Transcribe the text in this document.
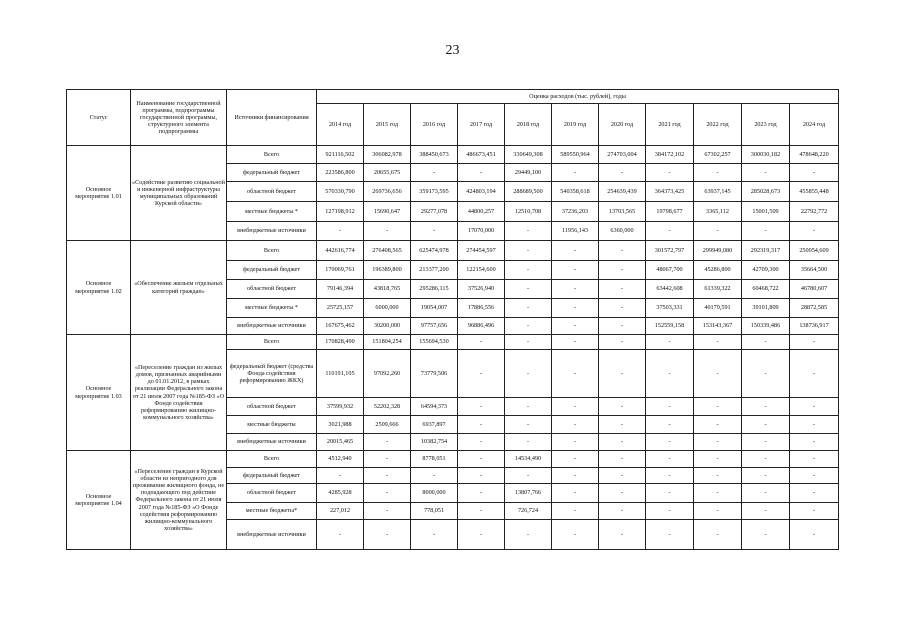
23
Статус	Наименование государственной программы, подпрограммы государственной программы, структурного элемента подпрограммы	Источники финансирования	Оценка расходов (тыс. рублей), годы										
			2014 год	2015 год	2016 год	2017 год	2018 год	2019 год	2020 год	2021 год	2022 год	2023 год	2024 год
Основное мероприятие 1.01	«Содействие развитию социальной и инженерной инфраструктуры муниципальных образований Курской области»	Всего	921116,502	306082,978	388450,673	486673,451	330649,308	589550,964	274703,004	384172,102	67302,257	300030,182	478648,220
		федеральный бюджет	223586,800	20655,675	-	-	29449,100	-	-	-	-	-	-
		областной бюджет	570330,790	269736,656	359173,595	424803,194	288689,500	540358,618	254639,439	364373,425	63937,145	285028,673	455855,448
		местные бюджеты *	127198,912	15690,647	29277,078	44800,257	12510,708	37236,203	13703,565	19798,677	3365,112	15001,509	22792,772
		внебюджетные источники	-	-	-	17070,000	-	11956,143	6360,000	-	-	-	-
Основное мероприятие 1.02	«Обеспечение жильем отдельных категорий граждан»	Всего	442616,774	276408,565	625474,978	274454,597	-	-	-	301572,797	299949,080	292319,317	250054,609
		федеральный бюджет	170069,761	196389,800	213377,200	122154,600	-	-	-	48067,700	45286,800	42709,300	35664,500
		областной бюджет	79146,394	43818,765	295286,115	37526,940	-	-	-	63442,608	61339,322	60468,722	46780,607
		местные бюджеты *	25725,157	6000,000	19054,007	17886,556	-	-	-	37503,331	40179,591	39101,809	28872,585
		внебюджетные источники	167675,462	30200,000	97757,656	96886,496	-	-	-	152559,158	153143,367	150339,486	138736,917
Основное мероприятие 1.03	«Переселение граждан из жилых домов, признанных аварийными до 01.01.2012, в рамках реализации Федерального закона от 21 июля 2007 года №185-ФЗ «О Фонде содействия реформированию жилищно-коммунального хозяйства»	Всего	170828,490	151804,254	155694,530	-	-	-	-	-	-	-	-
		федеральный бюджет (средства Фонда содействия реформированию ЖКХ)	110191,105	97092,260	73779,506	-	-	-	-	-	-	-	-
		областной бюджет	37599,932	52202,328	64594,373	-	-	-	-	-	-	-	-
		местные бюджеты	3021,988	2509,666	6937,897	-	-	-	-	-	-	-	-
		внебюджетные источники	20015,465	-	10382,754	-	-	-	-	-	-	-	-
Основное мероприятие 1.04	«Переселение граждан в Курской области из непригодного для проживания жилищного фонда, не подпадающего под действие Федерального закона от 21 июля 2007 года №185-ФЗ «О Фонде содействия реформированию жилищно-коммунального хозяйства»	Всего	4512,940	-	8778,051	-	14534,490	-	-	-	-	-	-
		федеральный бюджет	-	-	-	-	-	-	-	-	-	-	-
		областной бюджет	4285,928	-	8000,000	-	13807,766	-	-	-	-	-	-
		местные бюджеты*	227,012	-	778,051	-	726,724	-	-	-	-	-	-
		внебюджетные источники	-	-	-	-	-	-	-	-	-	-	-
